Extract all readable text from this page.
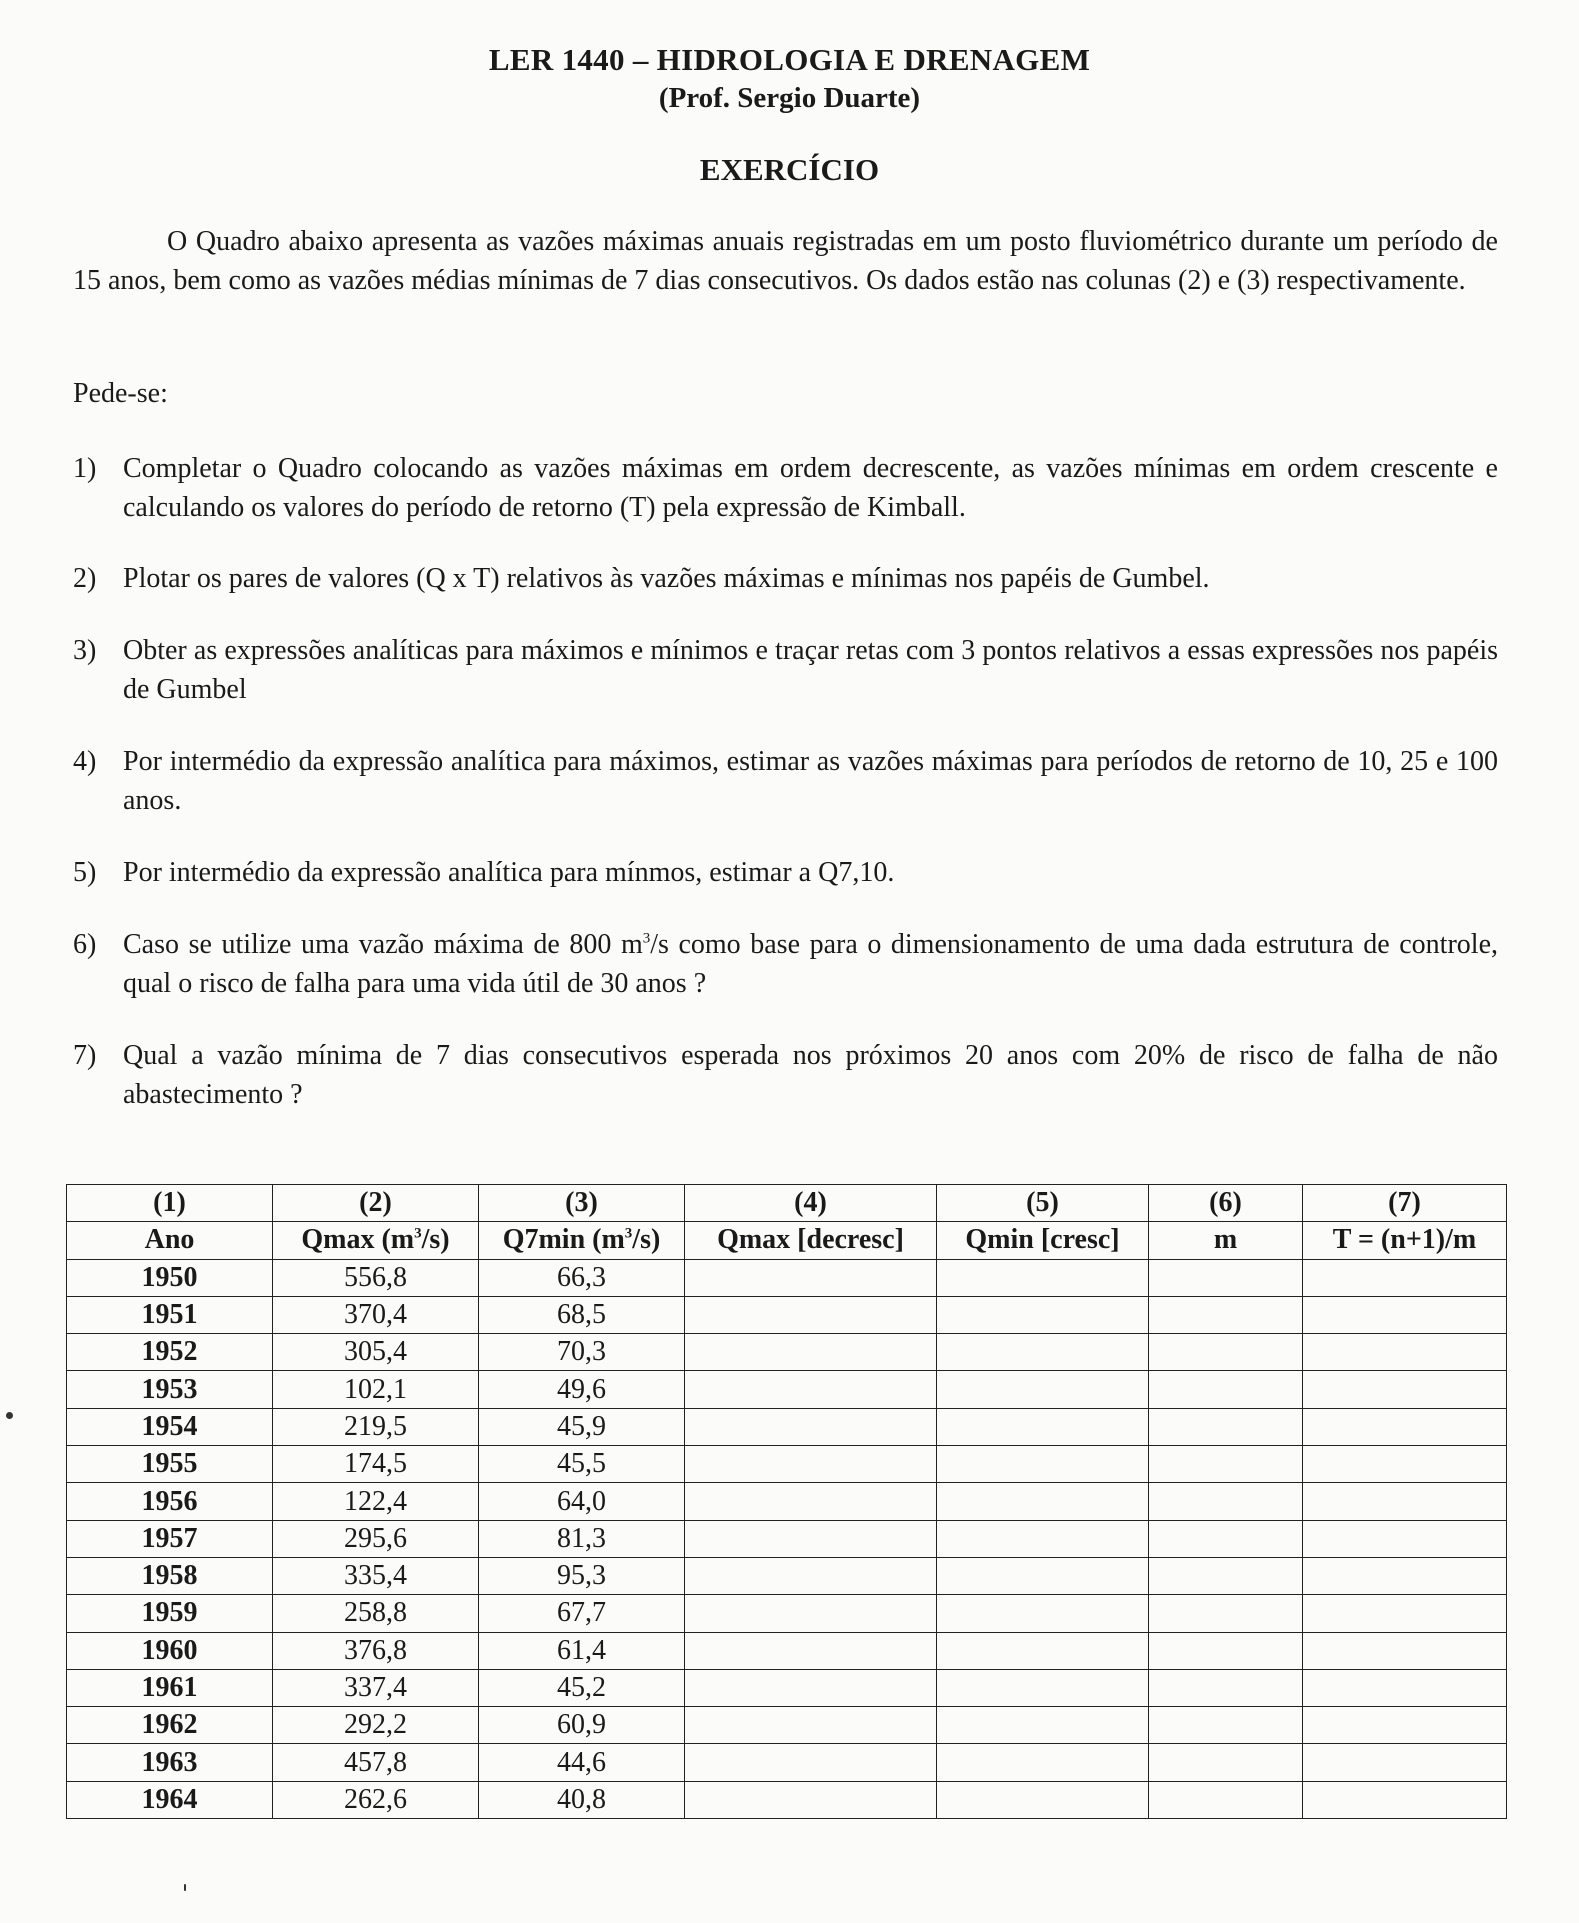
LER 1440 – HIDROLOGIA E DRENAGEM
(Prof. Sergio Duarte)
EXERCÍCIO
O Quadro abaixo apresenta as vazões máximas anuais registradas em um posto fluviométrico durante um período de 15 anos, bem como as vazões médias mínimas de 7 dias consecutivos. Os dados estão nas colunas (2) e (3) respectivamente.
Pede-se:
1) Completar o Quadro colocando as vazões máximas em ordem decrescente, as vazões mínimas em ordem crescente e calculando os valores do período de retorno (T) pela expressão de Kimball.
2) Plotar os pares de valores (Q x T) relativos às vazões máximas e mínimas nos papéis de Gumbel.
3) Obter as expressões analíticas para máximos e mínimos e traçar retas com 3 pontos relativos a essas expressões nos papéis de Gumbel
4) Por intermédio da expressão analítica para máximos, estimar as vazões máximas para períodos de retorno de 10, 25 e 100 anos.
5) Por intermédio da expressão analítica para mínmos, estimar a Q7,10.
6) Caso se utilize uma vazão máxima de 800 $m^3/s$ como base para o dimensionamento de uma dada estrutura de controle, qual o risco de falha para uma vida útil de 30 anos ?
7) Qual a vazão mínima de 7 dias consecutivos esperada nos próximos 20 anos com 20% de risco de falha de não abastecimento ?
(1)	(2)	(3)	(4)	(5)	(6)	(7)
Ano	Qmax $(m^3/s)$	Q7min $(m^3/s)$	Qmax [decresc]	Qmin [cresc]	m	T = (n+1)/m
1950	556,8	66,3				
1951	370,4	68,5				
1952	305,4	70,3				
1953	102,1	49,6				
1954	219,5	45,9				
1955	174,5	45,5				
1956	122,4	64,0				
1957	295,6	81,3				
1958	335,4	95,3				
1959	258,8	67,7				
1960	376,8	61,4				
1961	337,4	45,2				
1962	292,2	60,9				
1963	457,8	44,6				
1964	262,6	40,8				
